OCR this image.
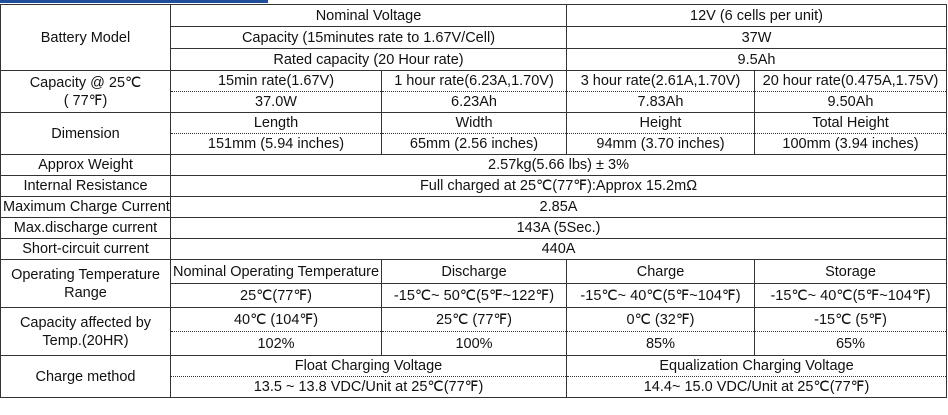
Battery Model	Nominal Voltage		12V (6 cells per unit)	
	Capacity (15minutes rate to 1.67V/Cell)		37W	
	Rated capacity (20 Hour rate)		9.5Ah	

Capacity @ 25℃
( 77℉)	15min rate(1.67V)	1 hour rate(6.23A,1.70V)	3 hour rate(2.61A,1.70V)	20 hour rate(0.475A,1.75V)
	37.0W	6.23Ah	7.83Ah	9.50Ah
Dimension	Length	Width	Height	Total Height
	151mm (5.94 inches)	65mm (2.56 inches)	94mm (3.70 inches)	100mm (3.94 inches)
Approx Weight	2.57kg(5.66 lbs) ± 3%			
Internal Resistance	Full charged at 25℃(77℉):Approx 15.2mΩ			
Maximum Charge Current	2.85A			
Max.discharge current	143A (5Sec.)			
Short-circuit current	440A			

Operating Temperature
Range	Nominal Operating Temperature	Discharge	Charge	Storage
	25℃(77℉)	-15℃~ 50℃(5℉~122℉)	-15℃~ 40℃(5℉~104℉)	-15℃~ 40℃(5℉~104℉)

Capacity affected by
Temp.(20HR)	40℃ (104℉)	25℃ (77℉)	0℃ (32℉)	-15℃ (5℉)
	102%	100%	85%	65%
Charge method	Float Charging Voltage		Equalization Charging Voltage	
	13.5 ~ 13.8 VDC/Unit at 25℃(77℉)		14.4~ 15.0 VDC/Unit at 25℃(77℉)	
